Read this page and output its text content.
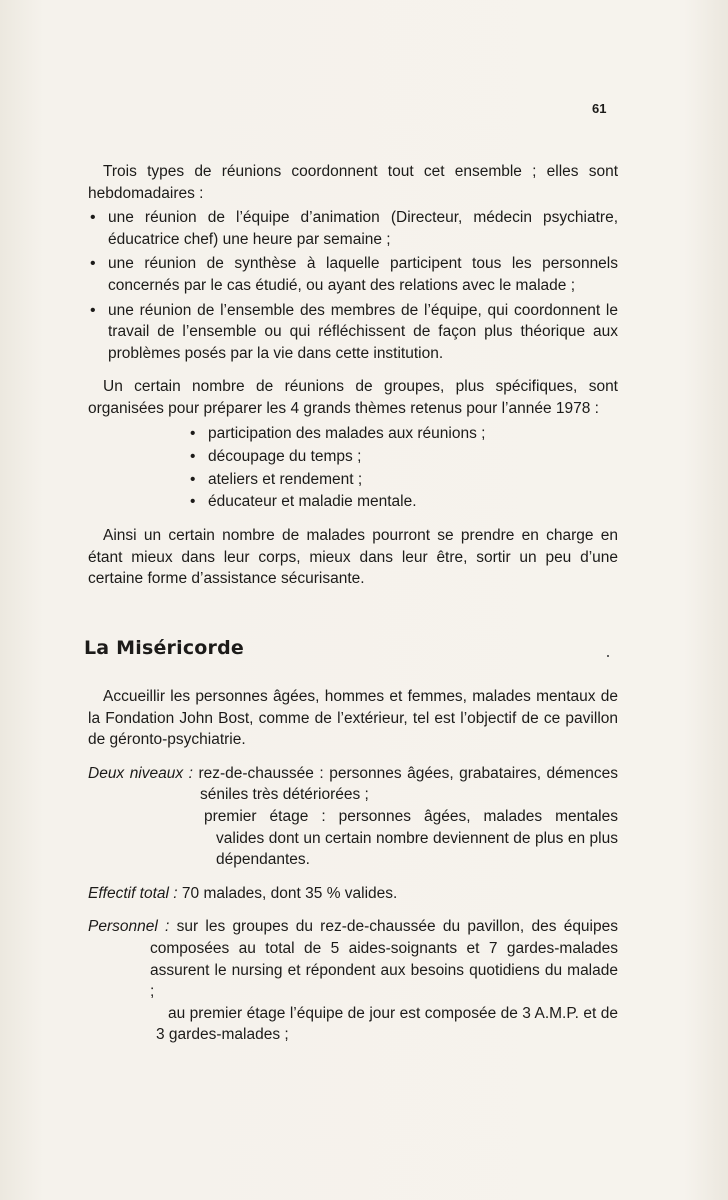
61

Trois types de réunions coordonnent tout cet ensemble ; elles sont hebdomadaires :

• une réunion de l’équipe d’animation (Directeur, médecin psychiatre, éducatrice chef) une heure par semaine ;
• une réunion de synthèse à laquelle participent tous les personnels concernés par le cas étudié, ou ayant des relations avec le malade ;
• une réunion de l’ensemble des membres de l’équipe, qui coordonnent le travail de l’ensemble ou qui réfléchissent de façon plus théorique aux problèmes posés par la vie dans cette institution.

Un certain nombre de réunions de groupes, plus spécifiques, sont organisées pour préparer les 4 grands thèmes retenus pour l’année 1978 :

• participation des malades aux réunions ;
• découpage du temps ;
• ateliers et rendement ;
• éducateur et maladie mentale.

Ainsi un certain nombre de malades pourront se prendre en charge en étant mieux dans leur corps, mieux dans leur être, sortir un peu d’une certaine forme d’assistance sécurisante.

La Miséricorde

Accueillir les personnes âgées, hommes et femmes, malades mentaux de la Fondation John Bost, comme de l’extérieur, tel est l’objectif de ce pavillon de géronto-psychiatrie.

Deux niveaux : rez-de-chaussée : personnes âgées, grabataires, démences séniles très détériorées ;

premier étage : personnes âgées, malades mentales valides dont un certain nombre deviennent de plus en plus dépendantes.

Effectif total : 70 malades, dont 35 % valides.

Personnel : sur les groupes du rez-de-chaussée du pavillon, des équipes composées au total de 5 aides-soignants et 7 gardes-malades assurent le nursing et répondent aux besoins quotidiens du malade ;

au premier étage l’équipe de jour est composée de 3 A.M.P. et de 3 gardes-malades ;
